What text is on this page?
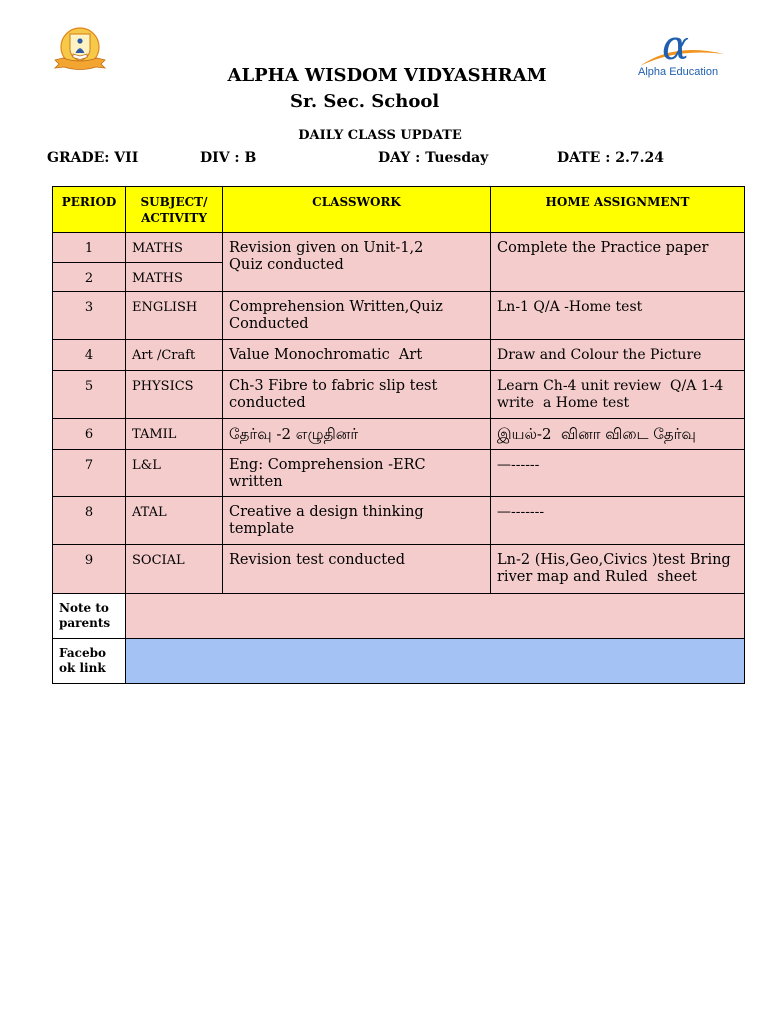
α
Alpha Education
ALPHA WISDOM VIDYASHRAM
Sr. Sec. School
DAILY CLASS UPDATE
GRADE: VII	DIV : B	DAY : Tuesday	DATE : 2.7.24
PERIOD	SUBJECT/ ACTIVITY	CLASSWORK	HOME ASSIGNMENT
1	MATHS	Revision given on Unit-1,2
Quiz conducted	Complete the Practice paper
2	MATHS		
3	ENGLISH	Comprehension Written,Quiz
Conducted	Ln-1 Q/A -Home test
4	Art /Craft	Value Monochromatic  Art	Draw and Colour the Picture
5	PHYSICS	Ch-3 Fibre to fabric slip test
conducted	Learn Ch-4 unit review  Q/A 1-4
write  a Home test
6	TAMIL	தேர்வு -2 எழுதினர்	இயல்-2  வினா விடை தேர்வு
7	L&L	Eng: Comprehension -ERC
written	—------
8	ATAL	Creative a design thinking
template	—-------
9	SOCIAL	Revision test conducted	Ln-2 (His,Geo,Civics )test Bring
river map and Ruled  sheet
Note to
parents			
Facebo
ok link			
